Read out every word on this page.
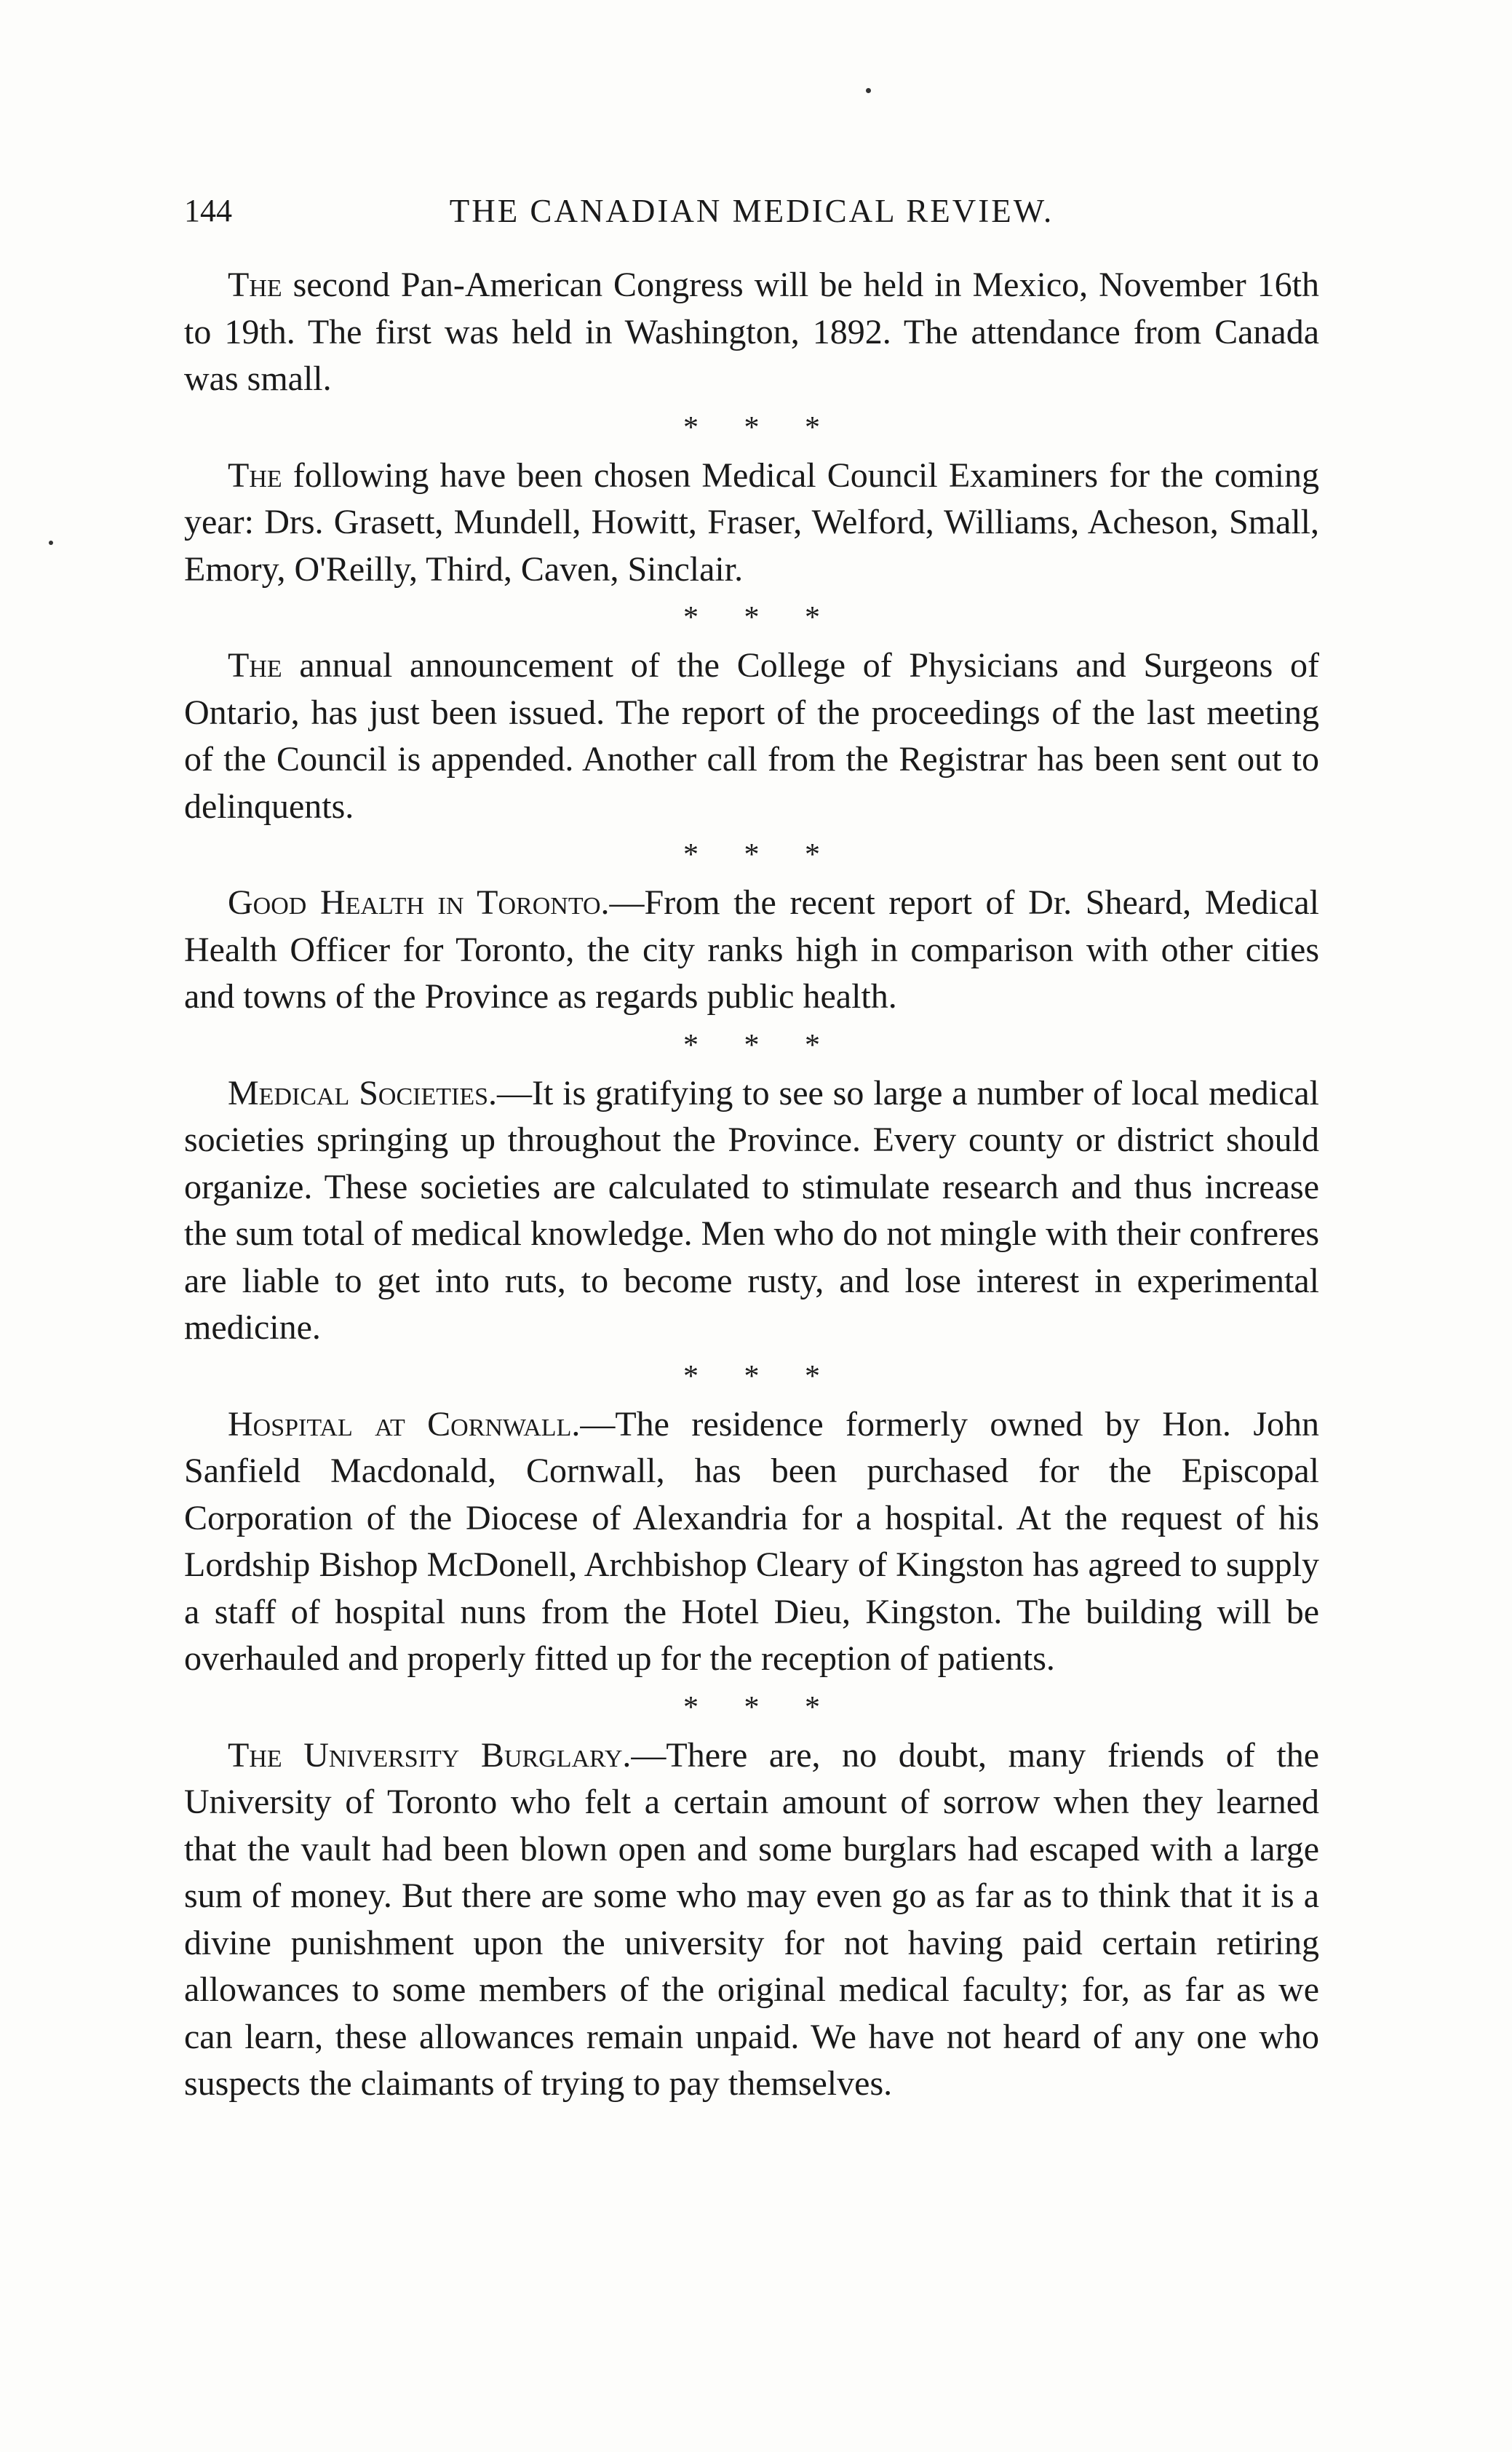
144	THE CANADIAN MEDICAL REVIEW.

The second Pan-American Congress will be held in Mexico, November 16th to 19th. The first was held in Washington, 1892. The attendance from Canada was small.

* * *

The following have been chosen Medical Council Examiners for the coming year: Drs. Grasett, Mundell, Howitt, Fraser, Welford, Williams, Acheson, Small, Emory, O'Reilly, Third, Caven, Sinclair.

* * *

The annual announcement of the College of Physicians and Surgeons of Ontario, has just been issued. The report of the proceedings of the last meeting of the Council is appended. Another call from the Registrar has been sent out to delinquents.

* * *

Good Health in Toronto.—From the recent report of Dr. Sheard, Medical Health Officer for Toronto, the city ranks high in comparison with other cities and towns of the Province as regards public health.

* * *

Medical Societies.—It is gratifying to see so large a number of local medical societies springing up throughout the Province. Every county or district should organize. These societies are calculated to stimulate research and thus increase the sum total of medical knowledge. Men who do not mingle with their confreres are liable to get into ruts, to become rusty, and lose interest in experimental medicine.

* * *

Hospital at Cornwall.—The residence formerly owned by Hon. John Sanfield Macdonald, Cornwall, has been purchased for the Episcopal Corporation of the Diocese of Alexandria for a hospital. At the request of his Lordship Bishop McDonell, Archbishop Cleary of Kingston has agreed to supply a staff of hospital nuns from the Hotel Dieu, Kingston. The building will be overhauled and properly fitted up for the reception of patients.

* * *

The University Burglary.—There are, no doubt, many friends of the University of Toronto who felt a certain amount of sorrow when they learned that the vault had been blown open and some burglars had escaped with a large sum of money. But there are some who may even go as far as to think that it is a divine punishment upon the university for not having paid certain retiring allowances to some members of the original medical faculty; for, as far as we can learn, these allowances remain unpaid. We have not heard of any one who suspects the claimants of trying to pay themselves.
